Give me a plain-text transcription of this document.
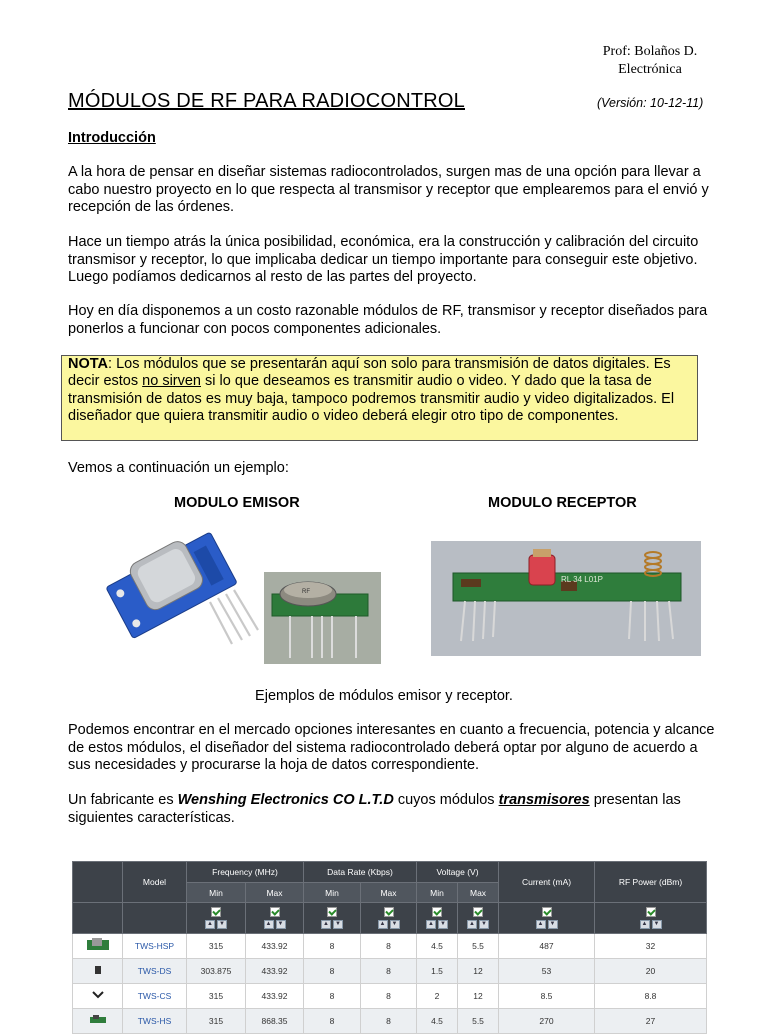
Prof: Bolaños D.
Electrónica
MÓDULOS DE RF PARA RADIOCONTROL	(Versión: 10-12-11)
Introducción
A la hora de pensar en diseñar sistemas radiocontrolados, surgen mas de una opción para llevar a cabo nuestro proyecto en lo que respecta al transmisor y receptor que emplearemos para el envió y recepción de las órdenes.
Hace un tiempo atrás la única posibilidad, económica, era la construcción y calibración del circuito transmisor y receptor, lo que implicaba dedicar un tiempo importante para conseguir este objetivo. Luego podíamos dedicarnos al resto de las partes del proyecto.
Hoy en día disponemos a un costo razonable módulos de RF, transmisor y receptor diseñados para ponerlos a funcionar con pocos componentes adicionales.
NOTA: Los módulos que se presentarán aquí son solo para transmisión de datos digitales. Es decir estos no sirven si lo que deseamos es transmitir audio o video. Y dado que la tasa de transmisión de datos es muy baja, tampoco podremos transmitir audio y video digitalizados. El diseñador que quiera transmitir audio o video deberá elegir otro tipo de componentes.
Vemos a continuación un ejemplo:
MODULO EMISOR	MODULO RECEPTOR
RF
RL 34 L01P
Ejemplos de módulos emisor y receptor.
Podemos encontrar en el mercado opciones interesantes en cuanto a frecuencia, potencia y alcance de estos módulos, el diseñador del sistema radiocontrolado deberá optar por alguno de acuerdo a sus necesidades y procurarse la hoja de datos correspondiente.
Un fabricante es Wenshing Electronics CO L.T.D cuyos módulos transmisores presentan las siguientes características.
	Model	Frequency (MHz)		Data Rate (Kbps)		Voltage (V)		Current (mA)	RF Power (dBm)
		Min	Max	Min	Max	Min	Max		

		▲ ▼	▲ ▼	▲ ▼	▲ ▼	▲ ▼	▲ ▼	▲ ▼	▲ ▼

	TWS-HSP	315	433.92	8	8	4.5	5.5	487	32
	TWS-DS	303.875	433.92	8	8	1.5	12	53	20
	TWS-CS	315	433.92	8	8	2	12	8.5	8.8
	TWS-HS	315	868.35	8	8	4.5	5.5	270	27
